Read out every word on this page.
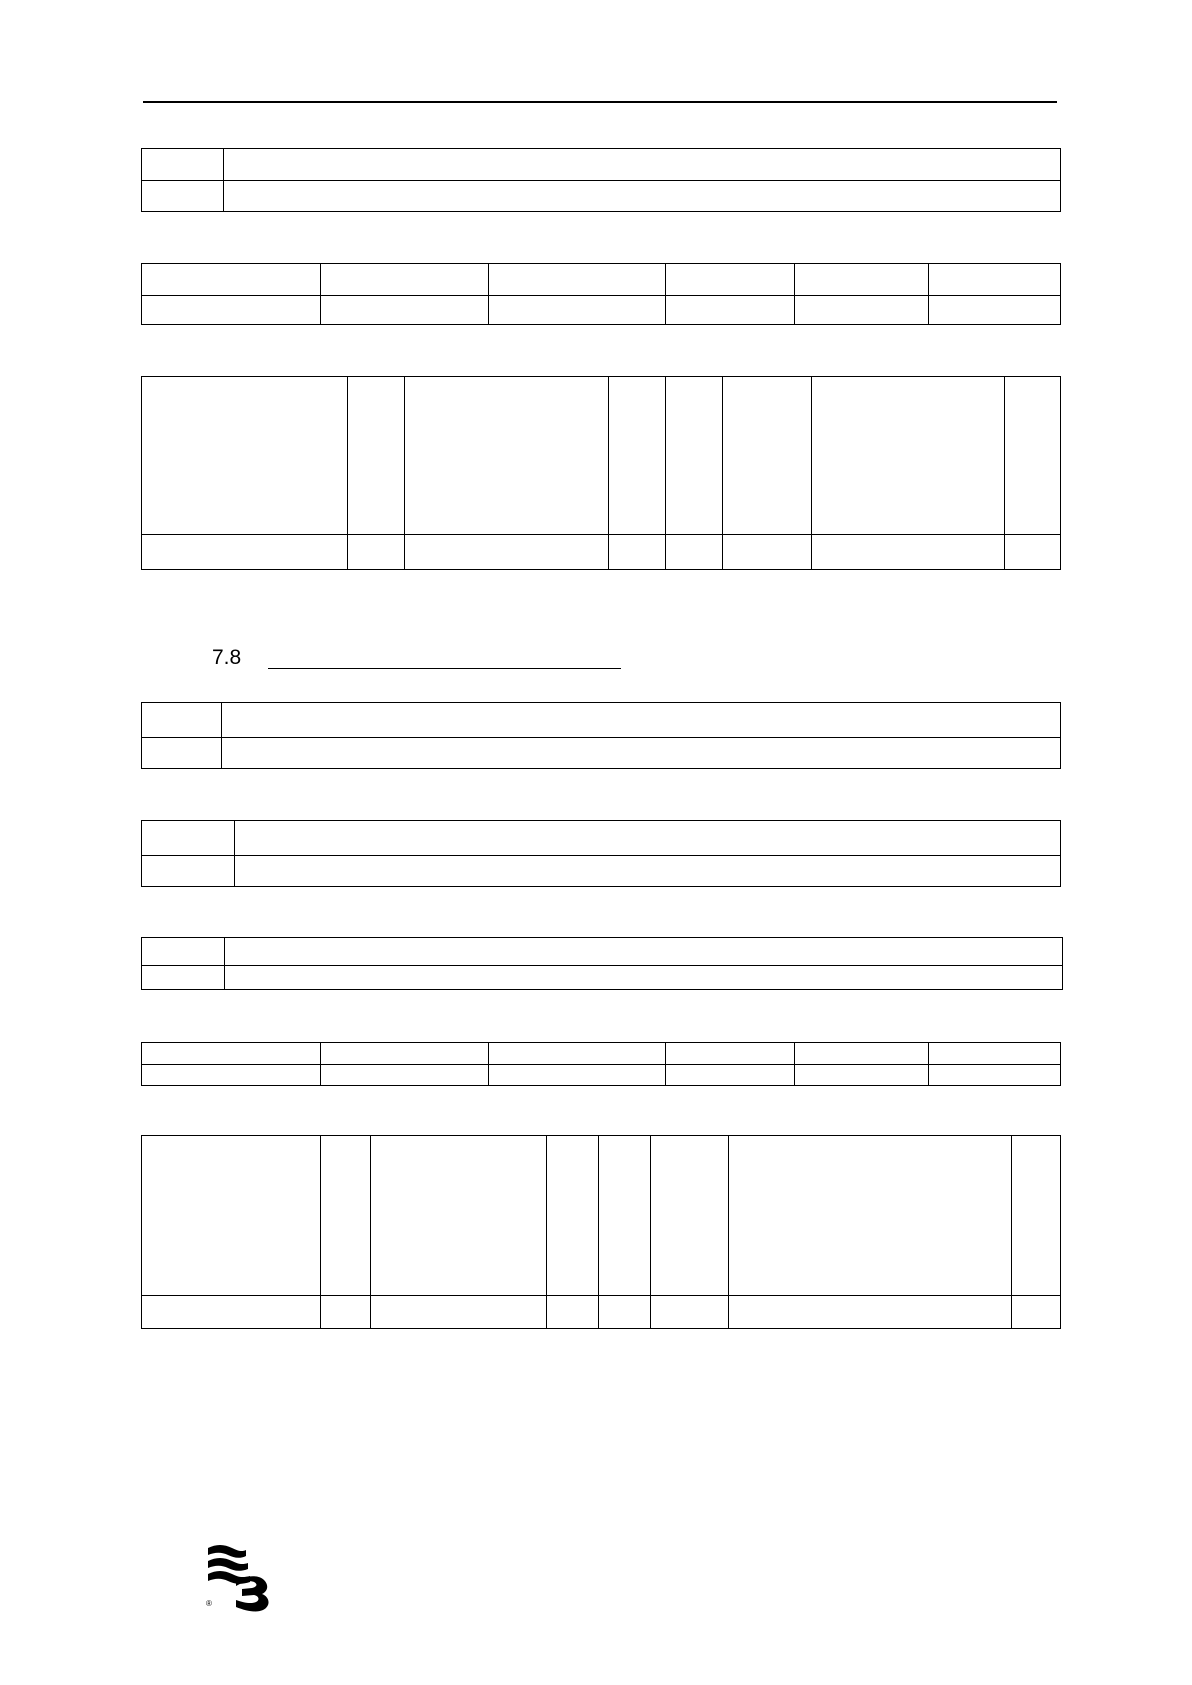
7.8
®
